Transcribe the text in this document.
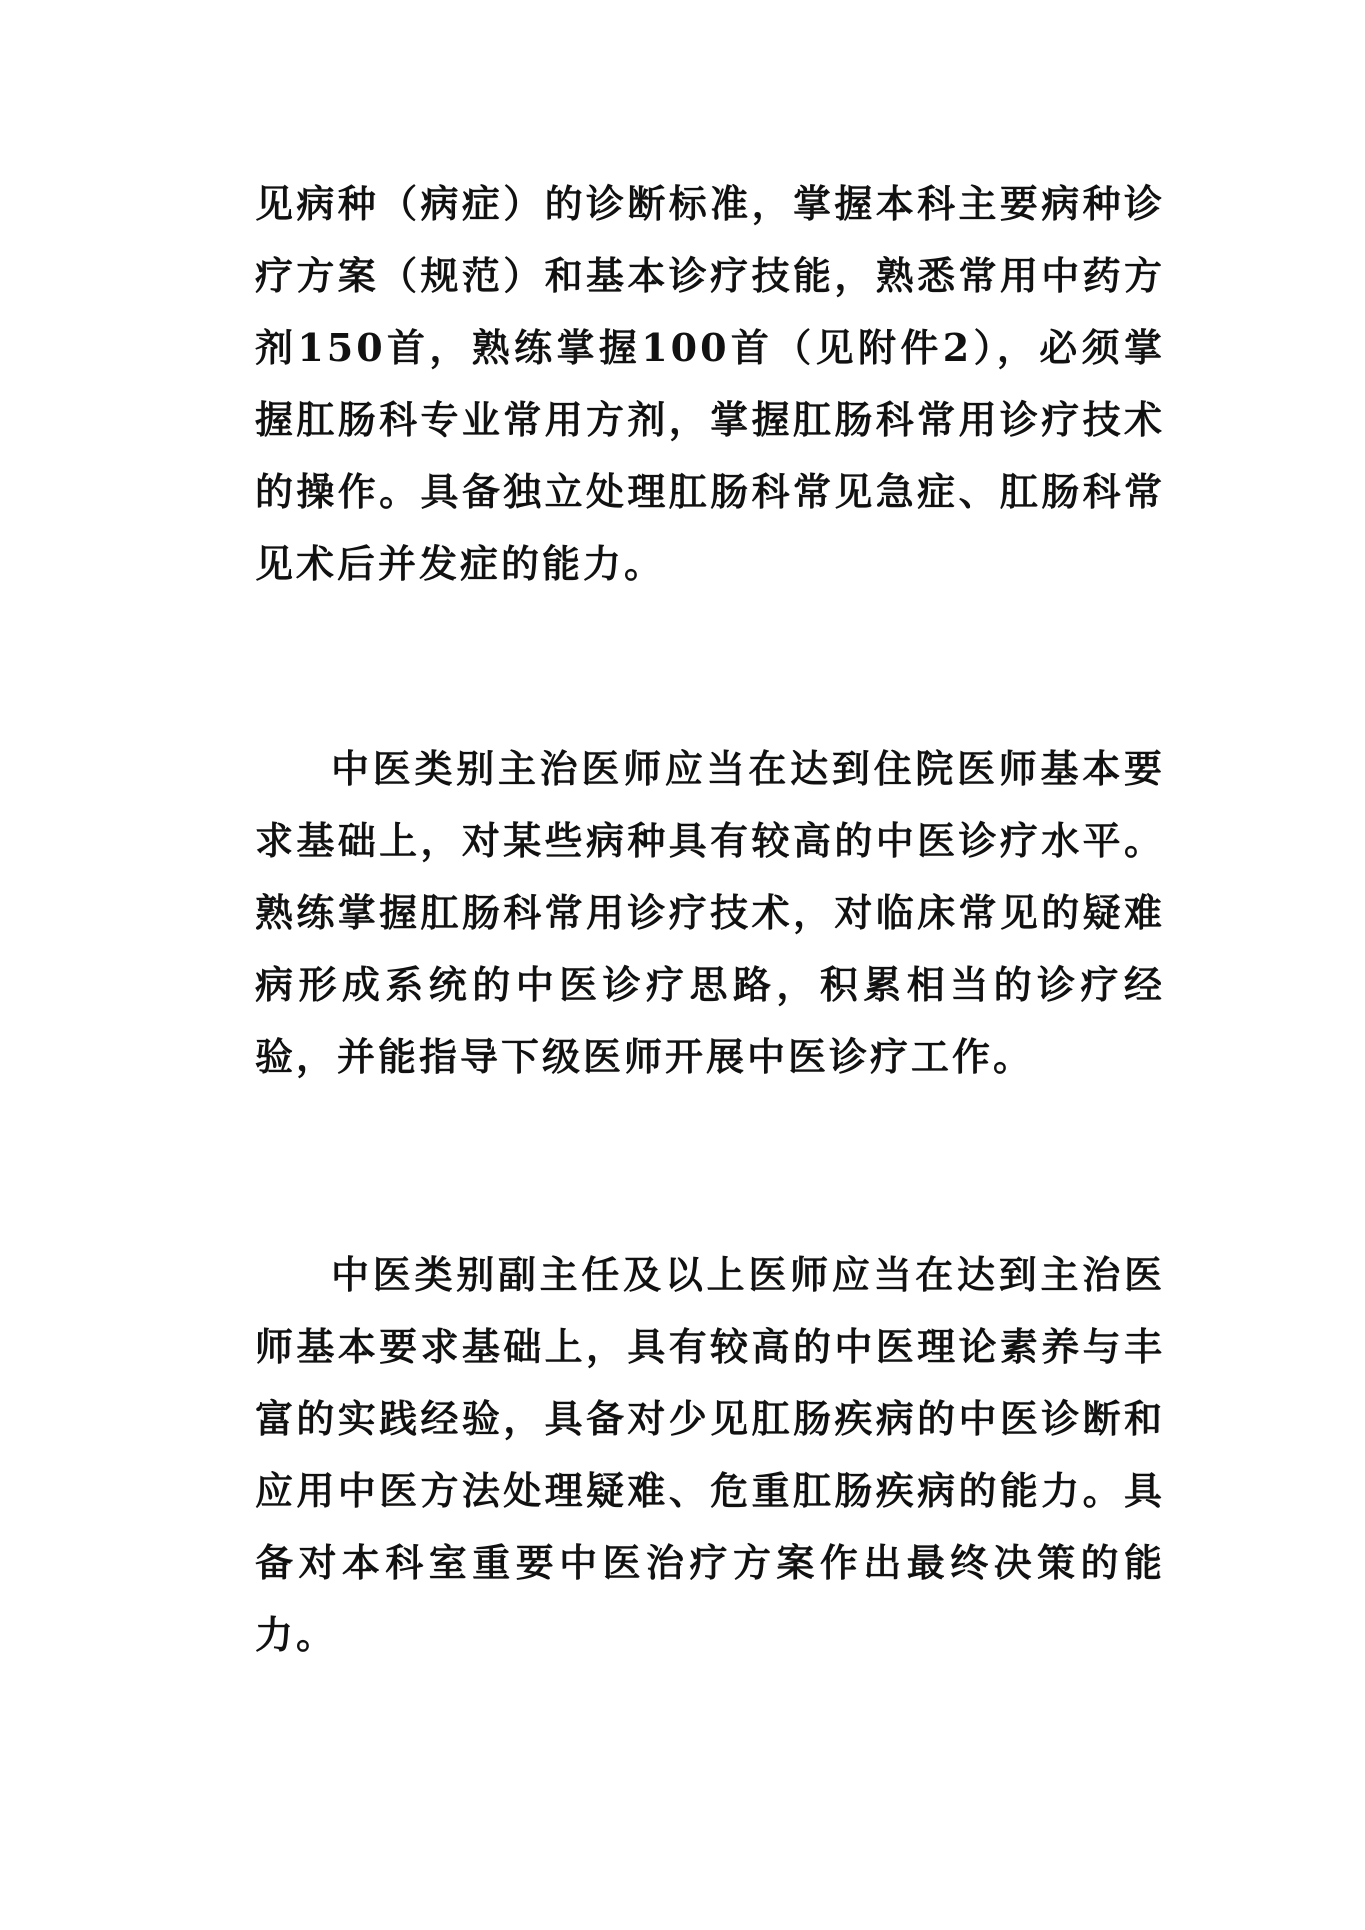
见病种（病症）的诊断标准，掌握本科主要病种诊疗方案（规范）和基本诊疗技能，熟悉常用中药方剂150首，熟练掌握100首（见附件2），必须掌握肛肠科专业常用方剂，掌握肛肠科常用诊疗技术的操作。具备独立处理肛肠科常见急症、肛肠科常见术后并发症的能力。

中医类别主治医师应当在达到住院医师基本要求基础上，对某些病种具有较高的中医诊疗水平。熟练掌握肛肠科常用诊疗技术，对临床常见的疑难病形成系统的中医诊疗思路，积累相当的诊疗经验，并能指导下级医师开展中医诊疗工作。

中医类别副主任及以上医师应当在达到主治医师基本要求基础上，具有较高的中医理论素养与丰富的实践经验，具备对少见肛肠疾病的中医诊断和应用中医方法处理疑难、危重肛肠疾病的能力。具备对本科室重要中医治疗方案作出最终决策的能力。
